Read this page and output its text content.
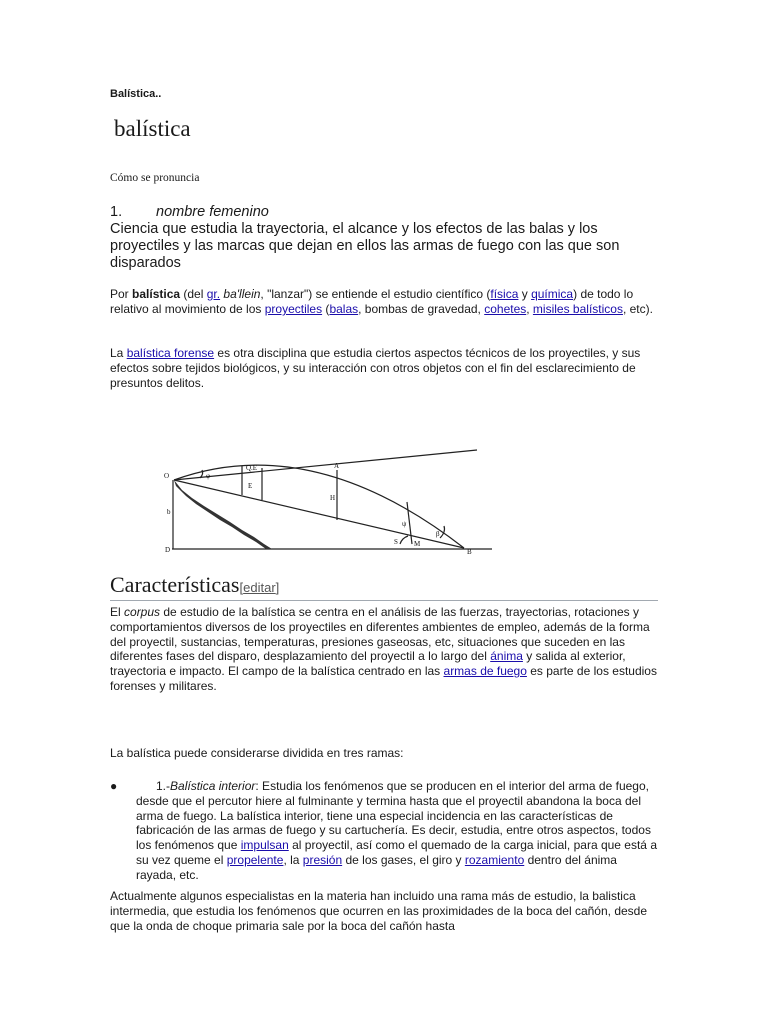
Balística..
balística
Cómo se pronuncia
1. nombre femenino
Ciencia que estudia la trayectoria, el alcance y los efectos de las balas y los proyectiles y las marcas que dejan en ellos las armas de fuego con las que son disparados
Por balística (del gr. ba'llein, "lanzar") se entiende el estudio científico (física y química) de todo lo relativo al movimiento de los proyectiles (balas, bombas de gravedad, cohetes, misiles balísticos, etc).
La balística forense es otra disciplina que estudia ciertos aspectos técnicos de los proyectiles, y sus efectos sobre tejidos biológicos, y su interacción con otros objetos con el fin del esclarecimiento de presuntos delitos.
O
D
A
B
H
Q.E
E
S M
φ
β
ψ
b
Características[editar]
El corpus de estudio de la balística se centra en el análisis de las fuerzas, trayectorias, rotaciones y comportamientos diversos de los proyectiles en diferentes ambientes de empleo, además de la forma del proyectil, sustancias, temperaturas, presiones gaseosas, etc, situaciones que suceden en las diferentes fases del disparo, desplazamiento del proyectil a lo largo del ánima y salida al exterior, trayectoria e impacto. El campo de la balística centrado en las armas de fuego es parte de los estudios forenses y militares.
La balística puede considerarse dividida en tres ramas:
●	1.-Balística interior: Estudia los fenómenos que se producen en el interior del arma de fuego, desde que el percutor hiere al fulminante y termina hasta que el proyectil abandona la boca del arma de fuego. La balística interior, tiene una especial incidencia en las características de fabricación de las armas de fuego y su cartuchería. Es decir, estudia, entre otros aspectos, todos los fenómenos que impulsan al proyectil, así como el quemado de la carga inicial, para que está a su vez queme el propelente, la presión de los gases, el giro y rozamiento dentro del ánima rayada, etc.
Actualmente algunos especialistas en la materia han incluido una rama más de estudio, la balistica intermedia, que estudia los fenómenos que ocurren en las proximidades de la boca del cañón, desde que la onda de choque primaria sale por la boca del cañón hasta
